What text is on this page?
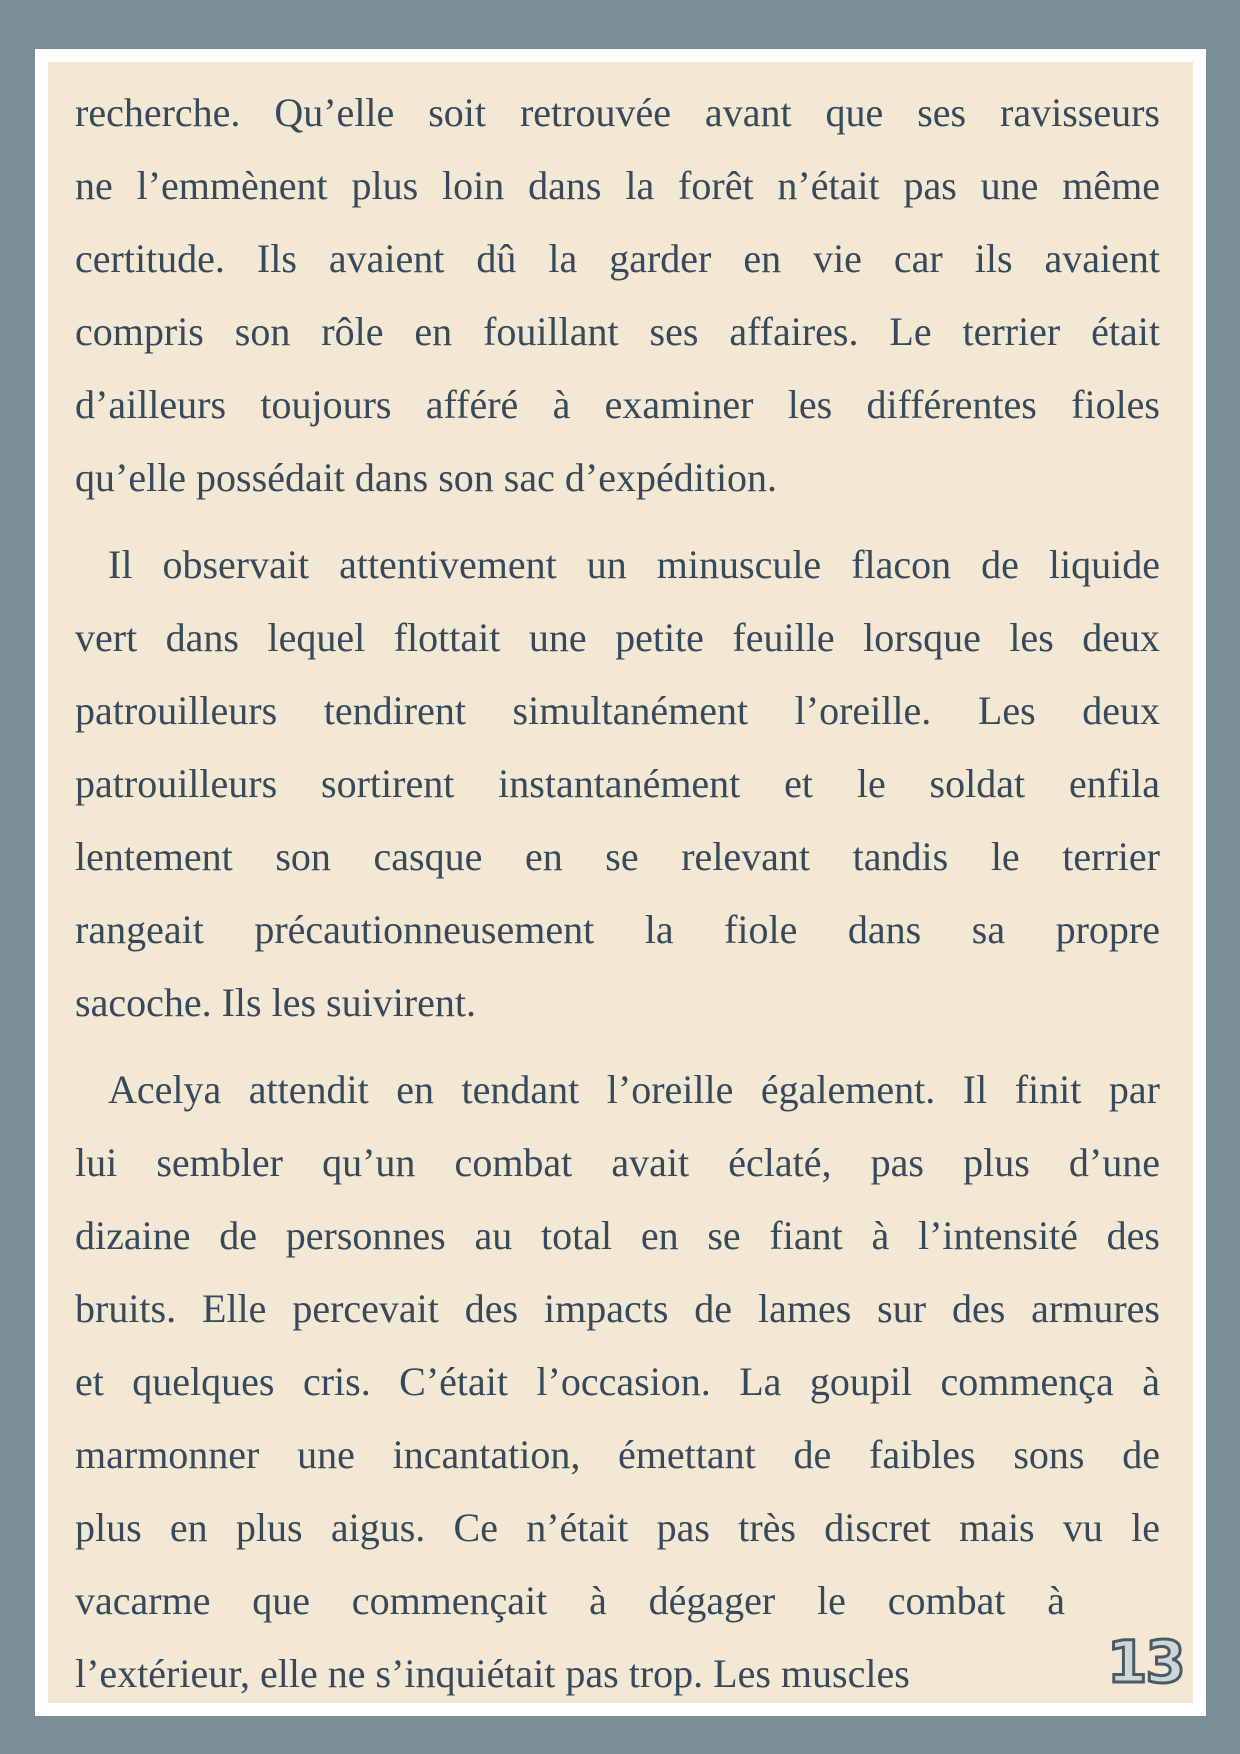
recherche. Qu’elle soit retrouvée avant que ses ravisseurs
ne l’emmènent plus loin dans la forêt n’était pas une même
certitude. Ils avaient dû la garder en vie car ils avaient
compris son rôle en fouillant ses affaires. Le terrier était
d’ailleurs toujours afféré à examiner les différentes fioles
qu’elle possédait dans son sac d’expédition.

Il observait attentivement un minuscule flacon de liquide
vert dans lequel flottait une petite feuille lorsque les deux
patrouilleurs tendirent simultanément l’oreille. Les deux
patrouilleurs sortirent instantanément et le soldat enfila
lentement son casque en se relevant tandis le terrier
rangeait précautionneusement la fiole dans sa propre
sacoche. Ils les suivirent.

Acelya attendit en tendant l’oreille également. Il finit par
lui sembler qu’un combat avait éclaté, pas plus d’une
dizaine de personnes au total en se fiant à l’intensité des
bruits. Elle percevait des impacts de lames sur des armures
et quelques cris. C’était l’occasion. La goupil commença à
marmonner une incantation, émettant de faibles sons de
plus en plus aigus. Ce n’était pas très discret mais vu le
vacarme que commençait à dégager le combat à
l’extérieur, elle ne s’inquiétait pas trop. Les muscles	13
